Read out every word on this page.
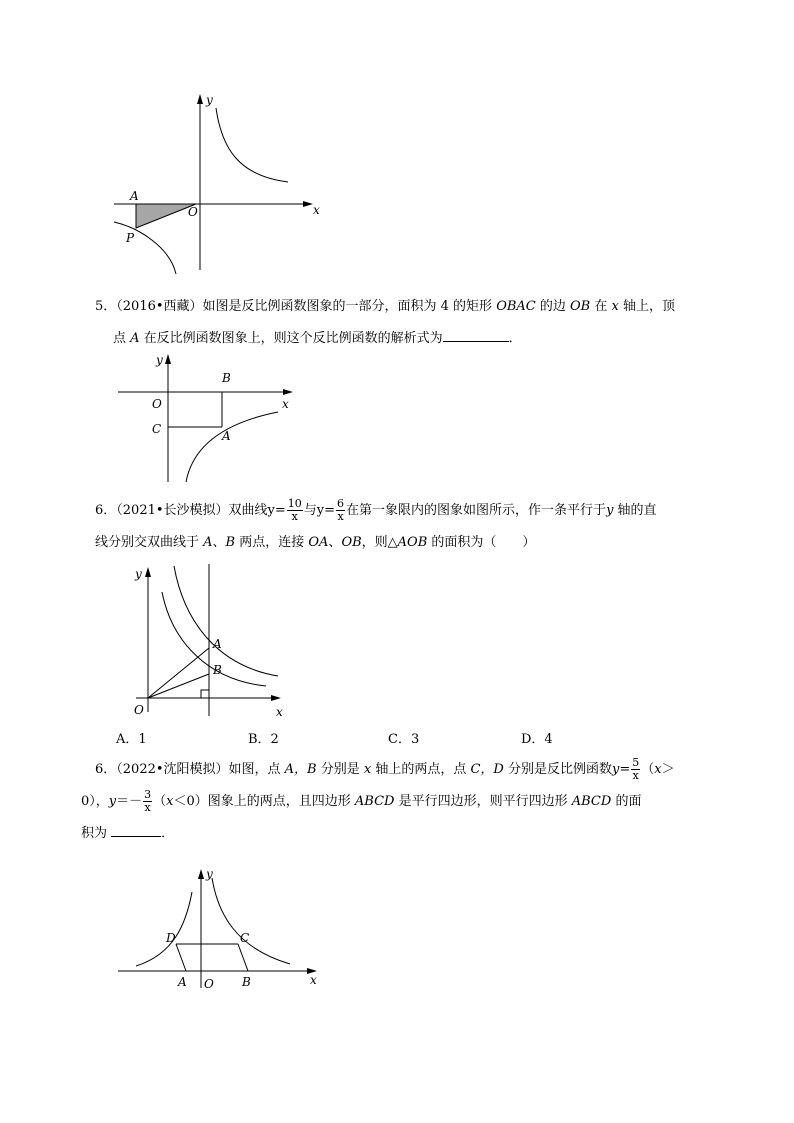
y
A
O
P
x

5．（2016•西藏）如图是反比例函数图象的一部分，面积为 4 的矩形 OBAC 的边 OB 在 x 轴上，顶

点 A 在反比例函数图象上，则这个反比例函数的解析式为	．

y
B
O	x
C	A

6．（2021•长沙模拟）双曲线$y= \frac{10}{x}$ 与$y= \frac{6}{x}$ 在第一象限内的图象如图所示，作一条平行于y 轴的直

线分别交双曲线于 A、B 两点，连接 OA、OB，则△AOB 的面积为（　　）

y
A
B
O	x
A．1	B．2	C．3	D．4

6．（2022•沈阳模拟）如图，点 A，B 分别是 x 轴上的两点，点 C，D 分别是反比例函数$y= \frac{5}{x} (x>$

0），$y=- \frac{3}{x} (x<0)$图象上的两点，且四边形 ABCD 是平行四边形，则平行四边形 ABCD 的面

积为	．

y
D	C
A O B	x
